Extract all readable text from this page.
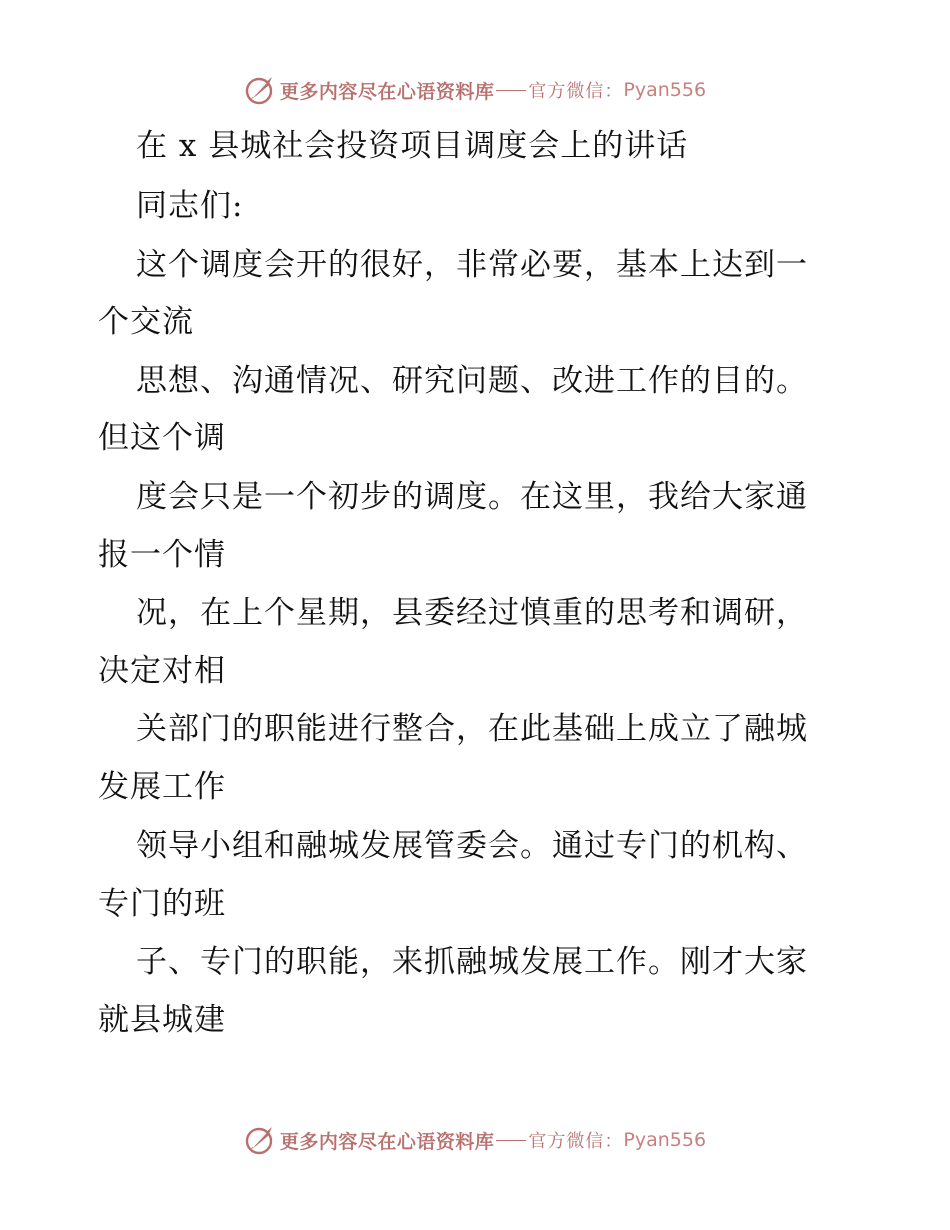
更多内容尽在心语资料库 官方微信： Pyan556
在 x 县城社会投资项目调度会上的讲话
同志们:
这个调度会开的很好，非常必要，基本上达到一
个交流
思想、沟通情况、研究问题、改进工作的目的。
但这个调
度会只是一个初步的调度。在这里，我给大家通
报一个情
况，在上个星期，县委经过慎重的思考和调研，
决定对相
关部门的职能进行整合，在此基础上成立了融城
发展工作
领导小组和融城发展管委会。通过专门的机构、
专门的班
子、专门的职能，来抓融城发展工作。刚才大家
就县城建
更多内容尽在心语资料库 官方微信： Pyan556
